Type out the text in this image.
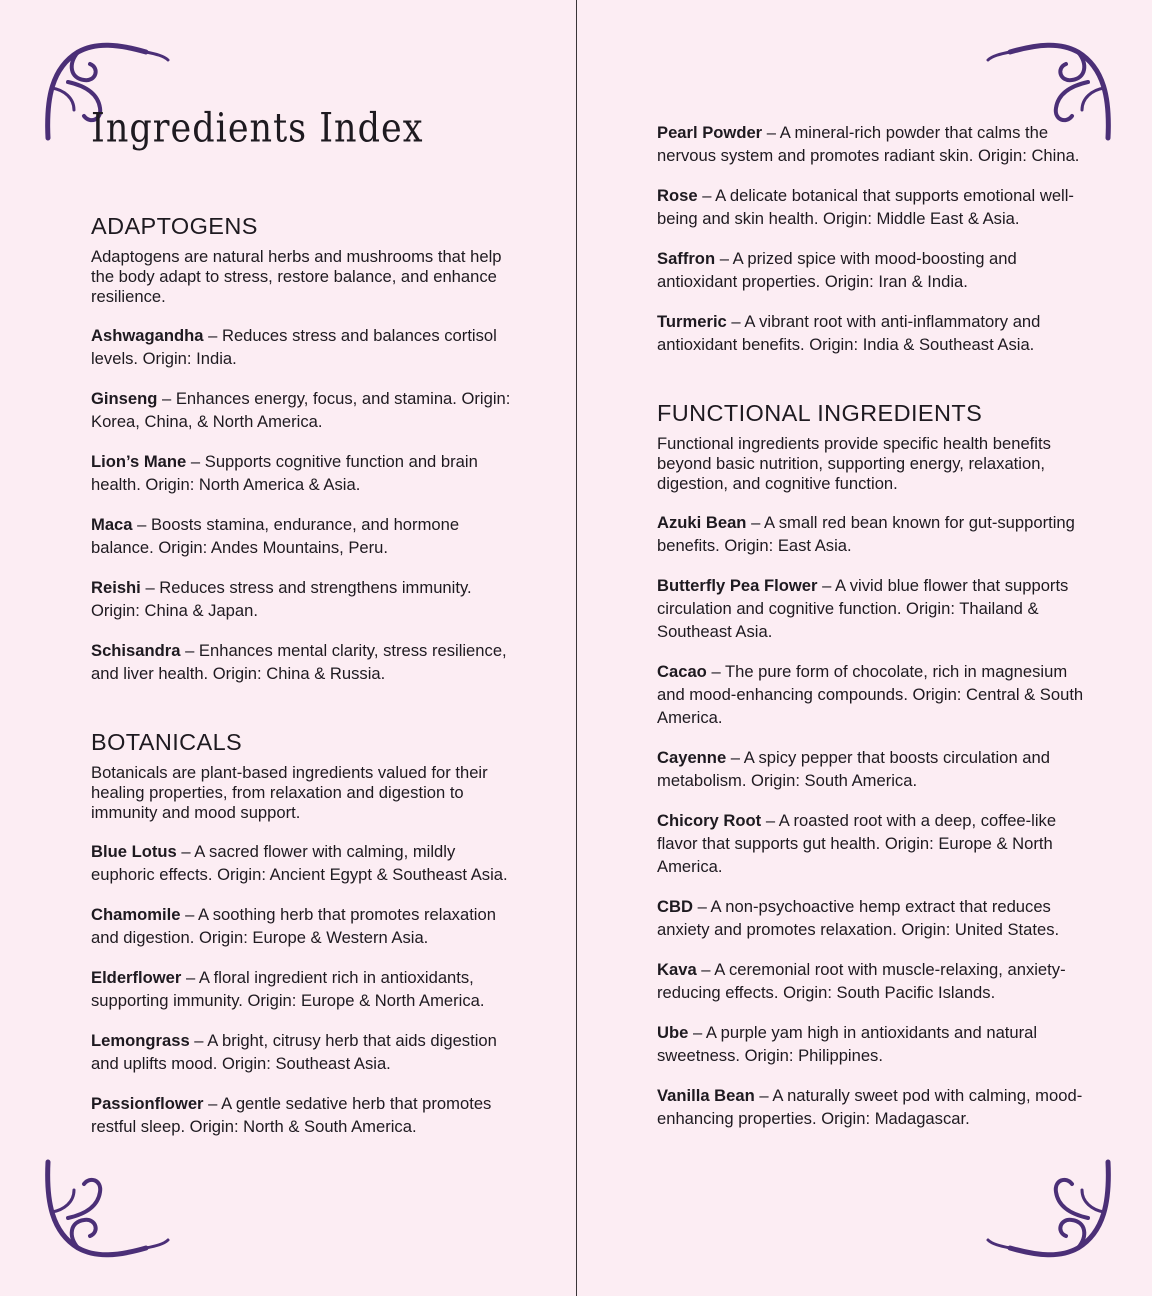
Ingredients Index
ADAPTOGENS

Adaptogens are natural herbs and mushrooms that help the body adapt to stress, restore balance, and enhance resilience.

Ashwagandha – Reduces stress and balances cortisol levels. Origin: India.

Ginseng – Enhances energy, focus, and stamina. Origin: Korea, China, & North America.

Lion’s Mane – Supports cognitive function and brain health. Origin: North America & Asia.

Maca – Boosts stamina, endurance, and hormone balance. Origin: Andes Mountains, Peru.

Reishi – Reduces stress and strengthens immunity. Origin: China & Japan.

Schisandra – Enhances mental clarity, stress resilience, and liver health. Origin: China & Russia.

BOTANICALS

Botanicals are plant-based ingredients valued for their healing properties, from relaxation and digestion to immunity and mood support.

Blue Lotus – A sacred flower with calming, mildly euphoric effects. Origin: Ancient Egypt & Southeast Asia.

Chamomile – A soothing herb that promotes relaxation and digestion. Origin: Europe & Western Asia.

Elderflower – A floral ingredient rich in antioxidants, supporting immunity. Origin: Europe & North America.

Lemongrass – A bright, citrusy herb that aids digestion and uplifts mood. Origin: Southeast Asia.

Passionflower – A gentle sedative herb that promotes restful sleep. Origin: North & South America.

Pearl Powder – A mineral-rich powder that calms the nervous system and promotes radiant skin. Origin: China.

Rose – A delicate botanical that supports emotional well-being and skin health. Origin: Middle East & Asia.

Saffron – A prized spice with mood-boosting and antioxidant properties. Origin: Iran & India.

Turmeric – A vibrant root with anti-inflammatory and antioxidant benefits. Origin: India & Southeast Asia.

FUNCTIONAL INGREDIENTS

Functional ingredients provide specific health benefits beyond basic nutrition, supporting energy, relaxation, digestion, and cognitive function.

Azuki Bean – A small red bean known for gut-supporting benefits. Origin: East Asia.

Butterfly Pea Flower – A vivid blue flower that supports circulation and cognitive function. Origin: Thailand & Southeast Asia.

Cacao – The pure form of chocolate, rich in magnesium and mood-enhancing compounds. Origin: Central & South America.

Cayenne – A spicy pepper that boosts circulation and metabolism. Origin: South America.

Chicory Root – A roasted root with a deep, coffee-like flavor that supports gut health. Origin: Europe & North America.

CBD – A non-psychoactive hemp extract that reduces anxiety and promotes relaxation. Origin: United States.

Kava – A ceremonial root with muscle-relaxing, anxiety-reducing effects. Origin: South Pacific Islands.

Ube – A purple yam high in antioxidants and natural sweetness. Origin: Philippines.

Vanilla Bean – A naturally sweet pod with calming, mood-enhancing properties. Origin: Madagascar.
